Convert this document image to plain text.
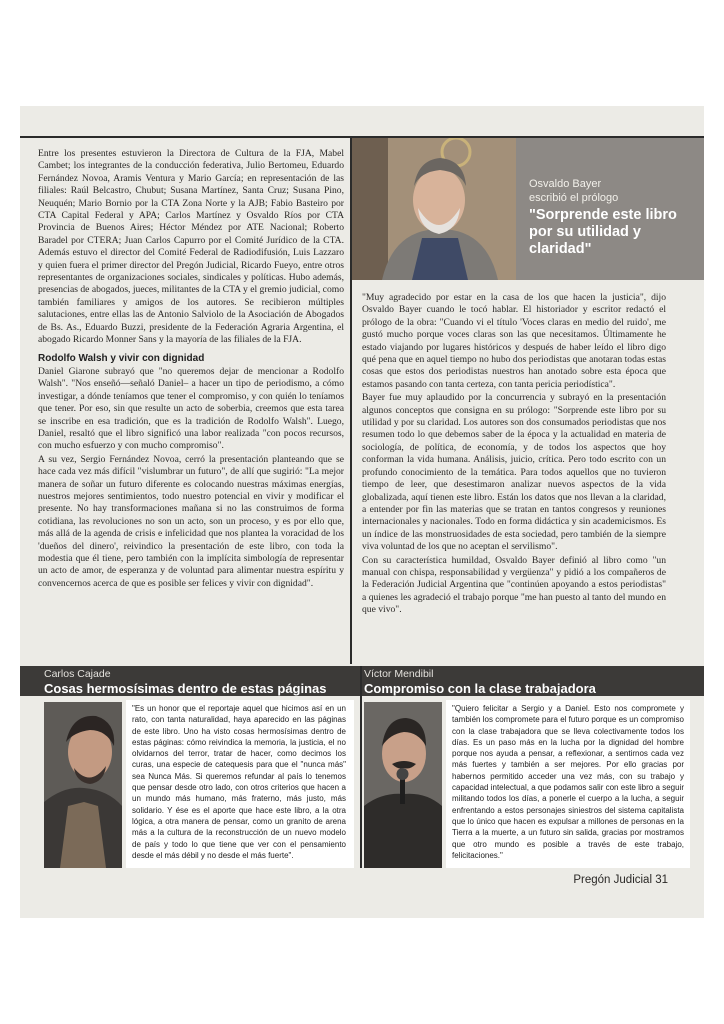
Entre los presentes estuvieron la Directora de Cultura de la FJA, Mabel Cambet; los integrantes de la conducción federativa, Julio Bertomeu, Eduardo Fernández Novoa, Aramis Ventura y Mario García; en representación de las filiales: Raúl Belcastro, Chubut; Susana Martínez, Santa Cruz; Susana Pino, Neuquén; Mario Bornio por la CTA Zona Norte y la AJB; Fabio Basteiro por CTA Capital Federal y APA; Carlos Martínez y Osvaldo Ríos por CTA Provincia de Buenos Aires; Héctor Méndez por ATE Nacional; Roberto Baradel por CTERA; Juan Carlos Capurro por el Comité Jurídico de la CTA. Además estuvo el director del Comité Federal de Radiodifusión, Luis Lazzaro y quien fuera el primer director del Pregón Judicial, Ricardo Fueyo, entre otros representantes de organizaciones sociales, sindicales y políticas. Hubo además, presencias de abogados, jueces, militantes de la CTA y el gremio judicial, como también familiares y amigos de los autores. Se recibieron múltiples salutaciones, entre ellas las de Antonio Salviolo de la Asociación de Abogados de Bs. As., Eduardo Buzzi, presidente de la Federación Agraria Argentina, el abogado Ricardo Monner Sans y la mayoría de las filiales de la FJA.

Rodolfo Walsh y vivir con dignidad

Daniel Giarone subrayó que "no queremos dejar de mencionar a Rodolfo Walsh". "Nos enseñó—señaló Daniel– a hacer un tipo de periodismo, a cómo investigar, a dónde teníamos que tener el compromiso, y con quién lo teníamos que tener. Por eso, sin que resulte un acto de soberbia, creemos que esta tarea se inscribe en esa tradición, que es la tradición de Rodolfo Walsh". Luego, Daniel, resaltó que el libro significó una labor realizada "con pocos recursos, con mucho esfuerzo y con mucho compromiso".

A su vez, Sergio Fernández Novoa, cerró la presentación planteando que se hace cada vez más difícil "vislumbrar un futuro", de allí que sugirió: "La mejor manera de soñar un futuro diferente es colocando nuestras máximas energías, nuestros mejores sentimientos, todo nuestro potencial en vivir y modificar el presente. No hay transformaciones mañana si no las construimos de forma cotidiana, las revoluciones no son un acto, son un proceso, y es por ello que, más allá de la agenda de crisis e infelicidad que nos plantea la voracidad de los 'dueños del dinero', reivindico la presentación de este libro, con toda la modestia que él tiene, pero también con la implícita simbología de representar un acto de amor, de esperanza y de voluntad para alimentar nuestra espíritu y convencernos acerca de que es posible ser felices y vivir con dignidad".

Osvaldo Bayer
escribió el prólogo
"Sorprende este libro por su utilidad y claridad"

"Muy agradecido por estar en la casa de los que hacen la justicia", dijo Osvaldo Bayer cuando le tocó hablar. El historiador y escritor redactó el prólogo de la obra: "Cuando vi el título 'Voces claras en medio del ruido', me gustó mucho porque voces claras son las que necesitamos. Últimamente he estado viajando por lugares históricos y después de haber leído el libro digo qué pena que en aquel tiempo no hubo dos periodistas que anotaran todas estas cosas que estos dos periodistas nuestros han anotado sobre esta época que estamos pasando con tanta certeza, con tanta pericia periodística".

Bayer fue muy aplaudido por la concurrencia y subrayó en la presentación algunos conceptos que consigna en su prólogo: "Sorprende este libro por su utilidad y por su claridad. Los autores son dos consumados periodistas que nos resumen todo lo que debemos saber de la época y la actualidad en materia de sociología, de política, de economía, y de todos los aspectos que hoy conforman la vida humana. Análisis, juicio, crítica. Pero todo escrito con un profundo conocimiento de la temática. Para todos aquellos que no tuvieron tiempo de leer, que desestimaron analizar nuevos aspectos de la vida globalizada, aquí tienen este libro. Están los datos que nos llevan a la claridad, a entender por fin las materias que se tratan en tantos congresos y reuniones internacionales y nacionales. Todo en forma didáctica y sin academicismos. Es un índice de las monstruosidades de esta sociedad, pero también de la siempre viva voluntad de los que no aceptan el servilismo".

Con su característica humildad, Osvaldo Bayer definió al libro como "un manual con chispa, responsabilidad y vergüenza" y pidió a los compañeros de la Federación Judicial Argentina que "continúen apoyando a estos periodistas" a quienes les agradeció el trabajo porque "me han puesto al tanto del mundo en que vivo".

Carlos Cajade
Cosas hermosísimas dentro de estas páginas
Víctor Mendibil
Compromiso con la clase trabajadora
"Es un honor que el reportaje aquel que hicimos así en un rato, con tanta naturalidad, haya aparecido en las páginas de este libro. Uno ha visto cosas hermosísimas dentro de estas páginas: cómo reivindica la memoria, la justicia, el no olvidarnos del terror, tratar de hacer, como decimos los curas, una especie de catequesis para que el "nunca más" sea Nunca Más. Si queremos refundar al país lo tenemos que pensar desde otro lado, con otros criterios que hacen a un mundo más humano, más fraterno, más justo, más solidario. Y ése es el aporte que hace este libro, a la otra lógica, a otra manera de pensar, como un granito de arena más a la cultura de la reconstrucción de un nuevo modelo de país y todo lo que tiene que ver con el pensamiento desde el más débil y no desde el más fuerte".
"Quiero felicitar a Sergio y a Daniel. Esto nos compromete y también los compromete para el futuro porque es un compromiso con la clase trabajadora que se lleva colectivamente todos los días. Es un paso más en la lucha por la dignidad del hombre porque nos ayuda a pensar, a reflexionar, a sentirnos cada vez más fuertes y también a ser mejores. Por ello gracias por habernos permitido acceder una vez más, con su trabajo y capacidad intelectual, a que podamos salir con este libro a seguir militando todos los días, a ponerle el cuerpo a la lucha, a seguir enfrentando a estos personajes siniestros del sistema capitalista que lo único que hacen es expulsar a millones de personas en la Tierra a la muerte, a un futuro sin salida, gracias por mostramos que otro mundo es posible a través de este trabajo, felicitaciones."
Pregón Judicial 31
